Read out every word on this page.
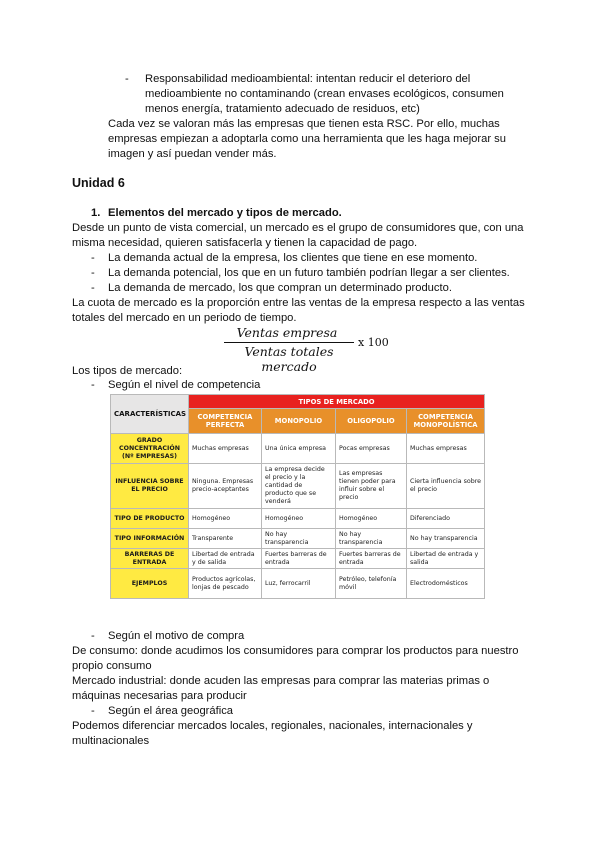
-	Responsabilidad medioambiental: intentan reducir el deterioro del
medioambiente no contaminando (crean envases ecológicos, consumen
menos energía, tratamiento adecuado de residuos, etc)
Cada vez se valoran más las empresas que tienen esta RSC. Por ello, muchas
empresas empiezan a adoptarla como una herramienta que les haga mejorar su
imagen y así puedan vender más.
Unidad 6
1. Elementos del mercado y tipos de mercado.
Desde un punto de vista comercial, un mercado es el grupo de consumidores que, con una
misma necesidad, quieren satisfacerla y tienen la capacidad de pago.
-	La demanda actual de la empresa, los clientes que tiene en ese momento.
-	La demanda potencial, los que en un futuro también podrían llegar a ser clientes.
-	La demanda de mercado, los que compran un determinado producto.
La cuota de mercado es la proporción entre las ventas de la empresa respecto a las ventas
totales del mercado en un periodo de tiempo.
Ventas empresa
Ventas totales mercado
x 100
Los tipos de mercado:
-	Según el nivel de competencia
CARACTERÍSTICAS	TIPOS DE MERCADO			
	COMPETENCIA PERFECTA	MONOPOLIO	OLIGOPOLIO	COMPETENCIA MONOPOLÍSTICA
GRADO CONCENTRACIÓN (Nº EMPRESAS)	Muchas empresas	Una única empresa	Pocas empresas	Muchas empresas
INFLUENCIA SOBRE EL PRECIO	Ninguna. Empresas precio-aceptantes	La empresa decide el precio y la cantidad de producto que se venderá	Las empresas tienen poder para influir sobre el precio	Cierta influencia sobre el precio
TIPO DE PRODUCTO	Homogéneo	Homogéneo	Homogéneo	Diferenciado
TIPO INFORMACIÓN	Transparente	No hay transparencia	No hay transparencia	No hay transparencia
BARRERAS DE ENTRADA	Libertad de entrada y de salida	Fuertes barreras de entrada	Fuertes barreras de entrada	Libertad de entrada y salida
EJEMPLOS	Productos agrícolas, lonjas de pescado	Luz, ferrocarril	Petróleo, telefonía móvil	Electrodomésticos
-	Según el motivo de compra
De consumo: donde acudimos los consumidores para comprar los productos para nuestro
propio consumo
Mercado industrial: donde acuden las empresas para comprar las materias primas o
máquinas necesarias para producir
-	Según el área geográfica
Podemos diferenciar mercados locales, regionales, nacionales, internacionales y
multinacionales
